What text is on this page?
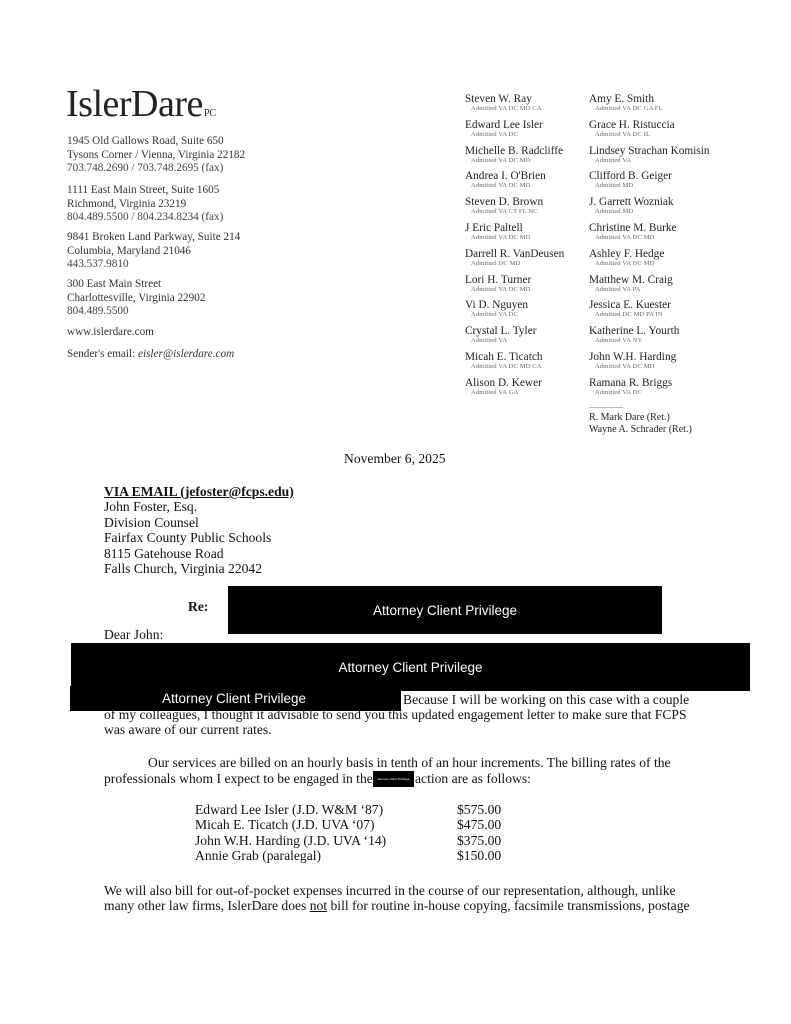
IslerDarePC
1945 Old Gallows Road, Suite 650
Tysons Corner / Vienna, Virginia 22182
703.748.2690 / 703.748.2695 (fax)
1111 East Main Street, Suite 1605
Richmond, Virginia 23219
804.489.5500 / 804.234.8234 (fax)
9841 Broken Land Parkway, Suite 214
Columbia, Maryland 21046
443.537.9810
300 East Main Street
Charlottesville, Virginia 22902
804.489.5500
www.islerdare.com
Sender's email: eisler@islerdare.com
Steven W. Ray
Admitted VA DC MD CA
Edward Lee Isler
Admitted VA DC
Michelle B. Radcliffe
Admitted VA DC MD
Andrea I. O'Brien
Admitted VA DC MD
Steven D. Brown
Admitted VA CT FL NC
J Eric Paltell
Admitted VA DC MD
Darrell R. VanDeusen
Admitted DC MD
Lori H. Turner
Admitted VA DC MD
Vi D. Nguyen
Admitted VA DC
Crystal L. Tyler
Admitted VA
Micah E. Ticatch
Admitted VA DC MD CA
Alison D. Kewer
Admitted VA GA
Amy E. Smith
Admitted VA DC GA FL
Grace H. Ristuccia
Admitted VA DC IL
Lindsey Strachan Komisin
Admitted VA
Clifford B. Geiger
Admitted MD
J. Garrett Wozniak
Admitted MD
Christine M. Burke
Admitted VA DC MD
Ashley F. Hedge
Admitted VA DC MD
Matthew M. Craig
Admitted VA PA
Jessica E. Kuester
Admitted DC MD PA IN
Katherine L. Yourth
Admitted VA NY
John W.H. Harding
Admitted VA DC MD
Ramana R. Briggs
Admitted VA DC
R. Mark Dare (Ret.)
Wayne A. Schrader (Ret.)
November 6, 2025
VIA EMAIL (jefoster@fcps.edu)
John Foster, Esq.
Division Counsel
Fairfax County Public Schools
8115 Gatehouse Road
Falls Church, Virginia 22042
Re:	Attorney Client Privilege
Dear John:
Attorney Client Privilege
Attorney Client Privilege	Because I will be working on this case with a couple
of my colleagues, I thought it advisable to send you this updated engagement letter to make sure that FCPS
was aware of our current rates.
Our services are billed on an hourly basis in tenth of an hour increments. The billing rates of the
professionals whom I expect to be engaged in the	Attorney Client Privilege action are as follows:
Edward Lee Isler (J.D. W&M ‘87)	$575.00
Micah E. Ticatch (J.D. UVA ‘07)	$475.00
John W.H. Harding (J.D. UVA ‘14)	$375.00
Annie Grab (paralegal)	$150.00
We will also bill for out-of-pocket expenses incurred in the course of our representation, although, unlike
many other law firms, IslerDare does not bill for routine in-house copying, facsimile transmissions, postage
